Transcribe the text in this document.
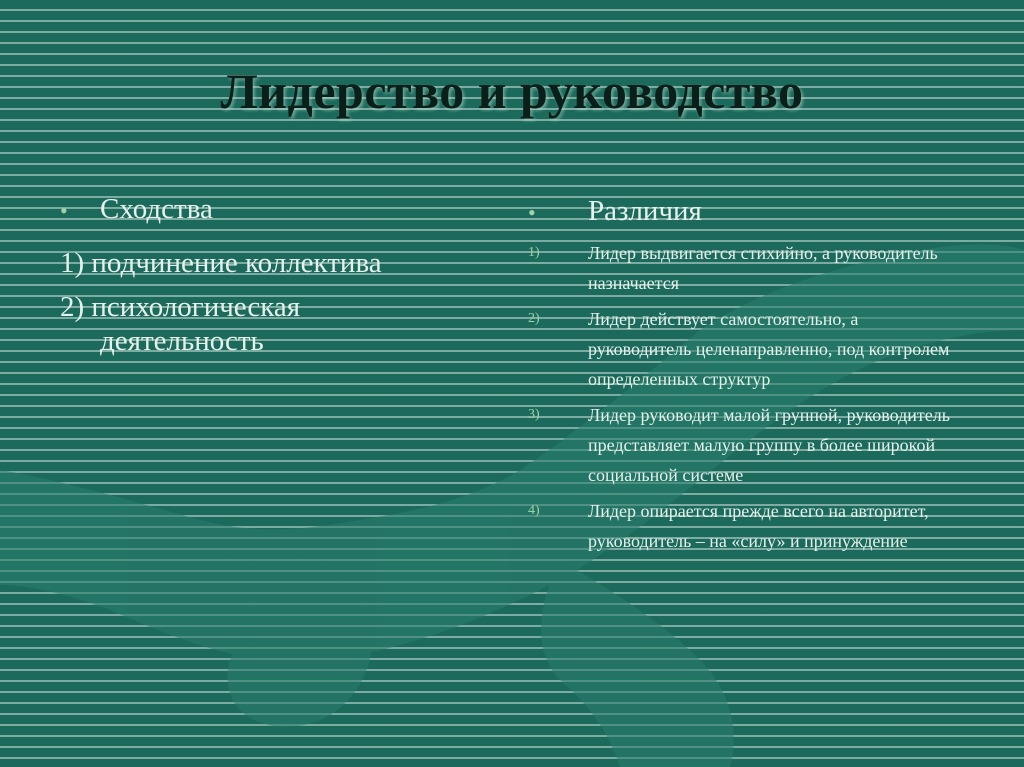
Лидерство и руководство
•	Сходства
1) подчинение коллектива
2) психологическая деятельность
•	Различия
1)	Лидер выдвигается стихийно, а руководитель назначается
2)	Лидер действует самостоятельно, а руководитель целенаправленно, под контролем определенных структур
3)	Лидер руководит малой группой, руководитель представляет малую группу в более широкой социальной системе
4)	Лидер опирается прежде всего на авторитет, руководитель – на «силу» и принуждение
